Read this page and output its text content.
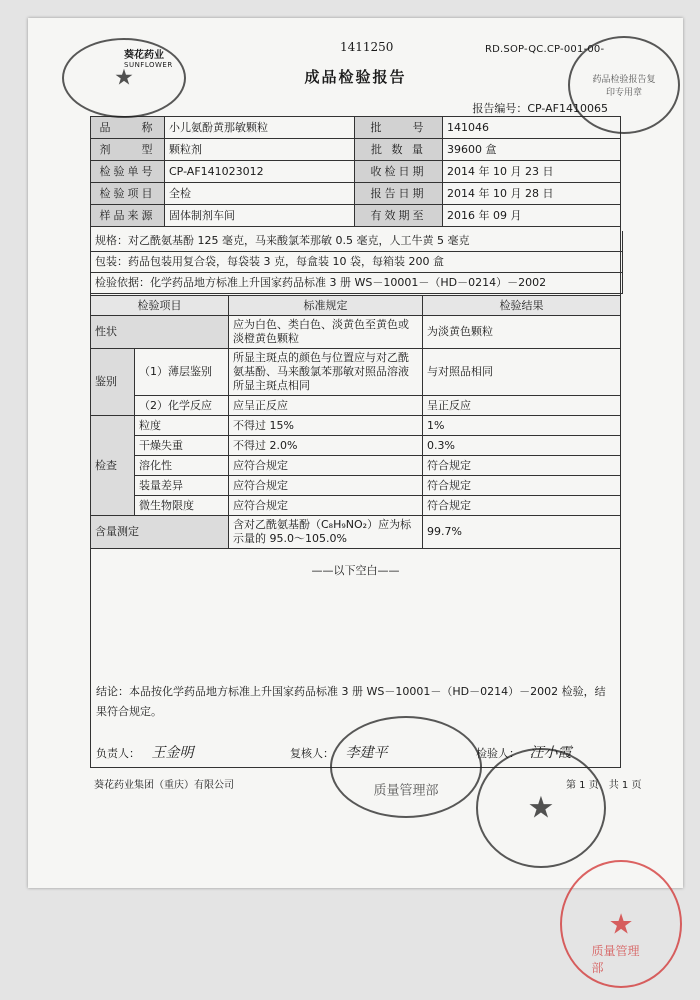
葵花药业
SUNFLOWER
1411250	RD.SOP-QC.CP-001-00-
成品检验报告
报告编号：CP-AF1410065
品　　称	小儿氨酚黄那敏颗粒	批　　号	141046
剂　　型	颗粒剂	批 数 量	39600 盒
检验单号	CP-AF141023012	收检日期	2014 年 10 月 23 日
检验项目	全检	报告日期	2014 年 10 月 28 日
样品来源	固体制剂车间	有效期至	2016 年 09 月
规格：对乙酰氨基酚 125 毫克，马来酸氯苯那敏 0.5 毫克，人工牛黄 5 毫克
包装：药品包装用复合袋，每袋装 3 克，每盒装 10 袋，每箱装 200 盒
检验依据：化学药品地方标准上升国家药品标准 3 册 WS－10001－（HD－0214）－2002
检验项目		标准规定	检验结果
性状		应为白色、类白色、淡黄色至黄色或淡橙黄色颗粒	为淡黄色颗粒
鉴别	（1）薄层鉴别	所显主斑点的颜色与位置应与对乙酰氨基酚、马来酸氯苯那敏对照品溶液所显主斑点相同	与对照品相同
	（2）化学反应	应呈正反应	呈正反应
检查	粒度	不得过 15%	1%
	干燥失重	不得过 2.0%	0.3%
	溶化性	应符合规定	符合规定
	装量差异	应符合规定	符合规定
	微生物限度	应符合规定	符合规定
含量测定		含对乙酰氨基酚（C₈H₉NO₂）应为标示量的 95.0～105.0%	99.7%
——以下空白——
结论：本品按化学药品地方标准上升国家药品标准 3 册 WS－10001－（HD－0214）－2002 检验，结果符合规定。
负责人： 王金明	复核人： 李建平	检验人： 汪小霞
葵花药业集团（重庆）有限公司	第 1 页　共 1 页
★	药品检验报告复印专用章
质量管理部	★
★
质量管理部
